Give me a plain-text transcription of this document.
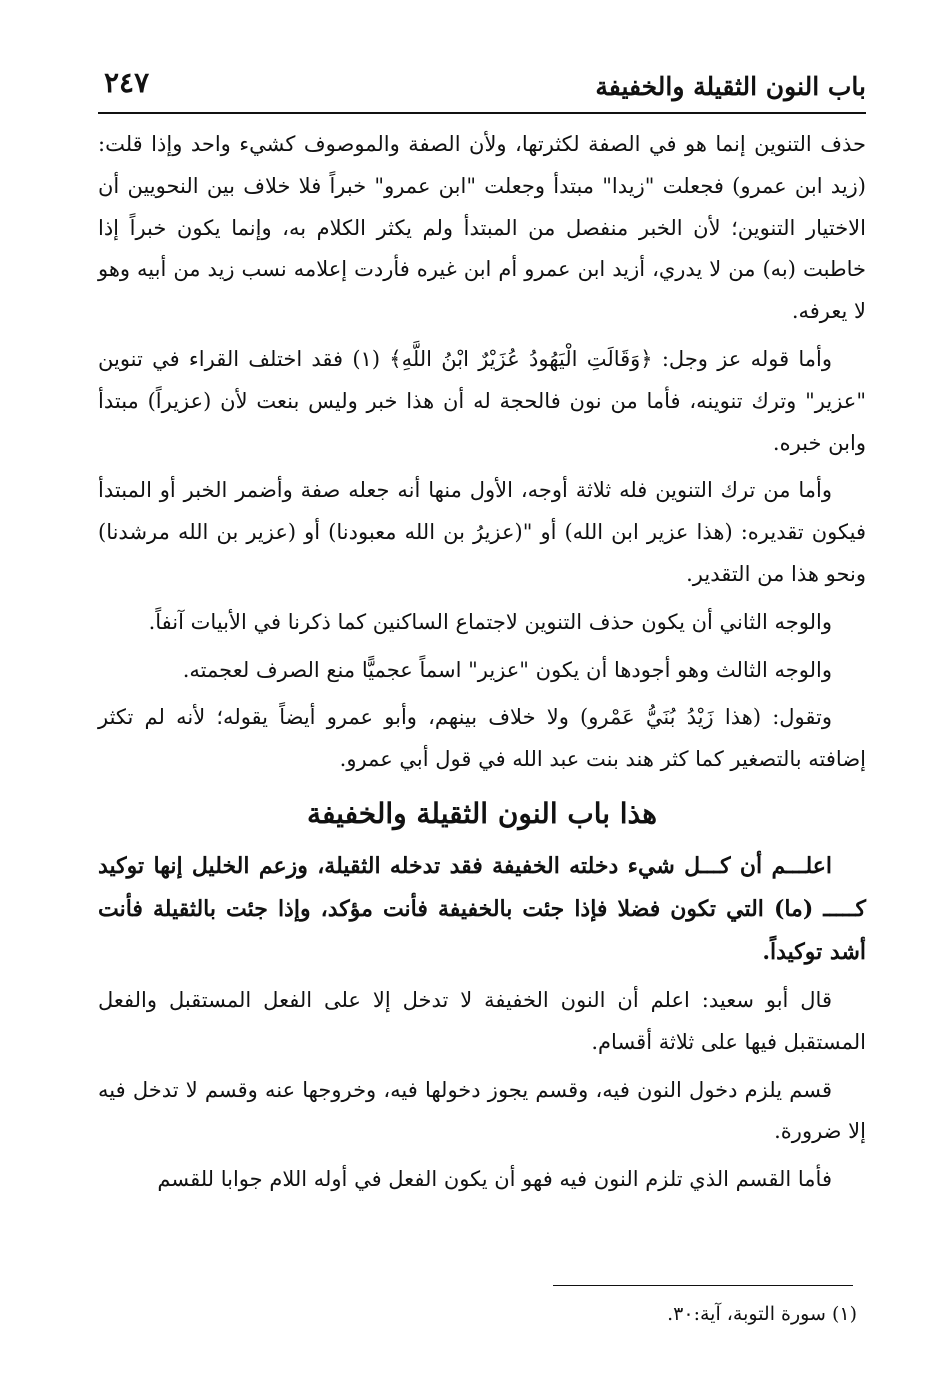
باب النون الثقيلة والخفيفة
٢٤٧

حذف التنوين إنما هو في الصفة لكثرتها، ولأن الصفة والموصوف كشيء واحد وإذا قلت: (زيد ابن عمرو) فجعلت "زيدا" مبتدأ وجعلت "ابن عمرو" خبراً فلا خلاف بين النحويين أن الاختيار التنوين؛ لأن الخبر منفصل من المبتدأ ولم يكثر الكلام به، وإنما يكون خبراً إذا خاطبت (به) من لا يدري، أزيد ابن عمرو أم ابن غيره فأردت إعلامه نسب زيد من أبيه وهو لا يعرفه.

وأما قوله عز وجل: ﴿وَقَالَتِ الْيَهُودُ عُزَيْرٌ ابْنُ اللَّهِ﴾ (١) فقد اختلف القراء في تنوين "عزير" وترك تنوينه، فأما من نون فالحجة له أن هذا خبر وليس بنعت لأن (عزيراً) مبتدأ وابن خبره.

وأما من ترك التنوين فله ثلاثة أوجه، الأول منها أنه جعله صفة وأضمر الخبر أو المبتدأ فيكون تقديره: (هذا عزير ابن الله) أو "(عزيرُ بن الله معبودنا) أو (عزير بن الله مرشدنا) ونحو هذا من التقدير.

والوجه الثاني أن يكون حذف التنوين لاجتماع الساكنين كما ذكرنا في الأبيات آنفاً.

والوجه الثالث وهو أجودها أن يكون "عزير" اسماً عجميًّا منع الصرف لعجمته.

وتقول: (هذا زَيْدُ بُنَيُّ عَمْرو) ولا خلاف بينهم، وأبو عمرو أيضاً يقوله؛ لأنه لم تكثر إضافته بالتصغير كما كثر هند بنت عبد الله في قول أبي عمرو.

هذا باب النون الثقيلة والخفيفة

اعلـــم أن كـــل شيء دخلته الخفيفة فقد تدخله الثقيلة، وزعم الخليل إنها توكيد كـــــ (ما) التي تكون فضلا فإذا جئت بالخفيفة فأنت مؤكد، وإذا جئت بالثقيلة فأنت أشد توكيداً.

قال أبو سعيد: اعلم أن النون الخفيفة لا تدخل إلا على الفعل المستقبل والفعل المستقبل فيها على ثلاثة أقسام.

قسم يلزم دخول النون فيه، وقسم يجوز دخولها فيه، وخروجها عنه وقسم لا تدخل فيه إلا ضرورة.

فأما القسم الذي تلزم النون فيه فهو أن يكون الفعل في أوله اللام جوابا للقسم

(١) سورة التوبة، آية:٣٠.
